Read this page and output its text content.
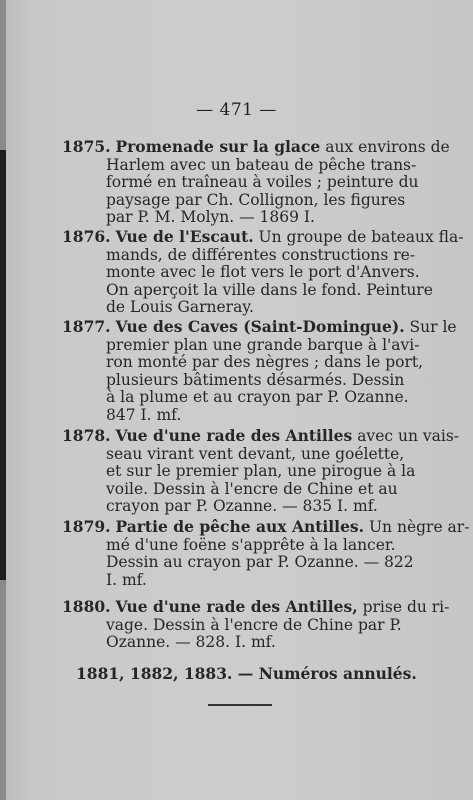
— 471 —
1875. Promenade sur la glace aux environs de
Harlem avec un bateau de pêche trans-
formé en traîneau à voiles ; peinture du
paysage par Ch. Collignon, les figures
par P. M. Molyn. — 1869 I.
1876. Vue de l'Escaut. Un groupe de bateaux fla-
mands, de différentes constructions re-
monte avec le flot vers le port d'Anvers.
On aperçoit la ville dans le fond. Peinture
de Louis Garneray.
1877. Vue des Caves (Saint-Domingue). Sur le
premier plan une grande barque à l'avi-
ron monté par des nègres ; dans le port,
plusieurs bâtiments désarmés. Dessin
à la plume et au crayon par P. Ozanne.
847 I. mf.
1878. Vue d'une rade des Antilles avec un vais-
seau virant vent devant, une goélette,
et sur le premier plan, une pirogue à la
voile. Dessin à l'encre de Chine et au
crayon par P. Ozanne. — 835 I. mf.
1879. Partie de pêche aux Antilles. Un nègre ar-
mé d'une foëne s'apprête à la lancer.
Dessin au crayon par P. Ozanne. — 822
I. mf.
1880. Vue d'une rade des Antilles, prise du ri-
vage. Dessin à l'encre de Chine par P.
Ozanne. — 828. I. mf.
1881, 1882, 1883. — Numéros annulés.
